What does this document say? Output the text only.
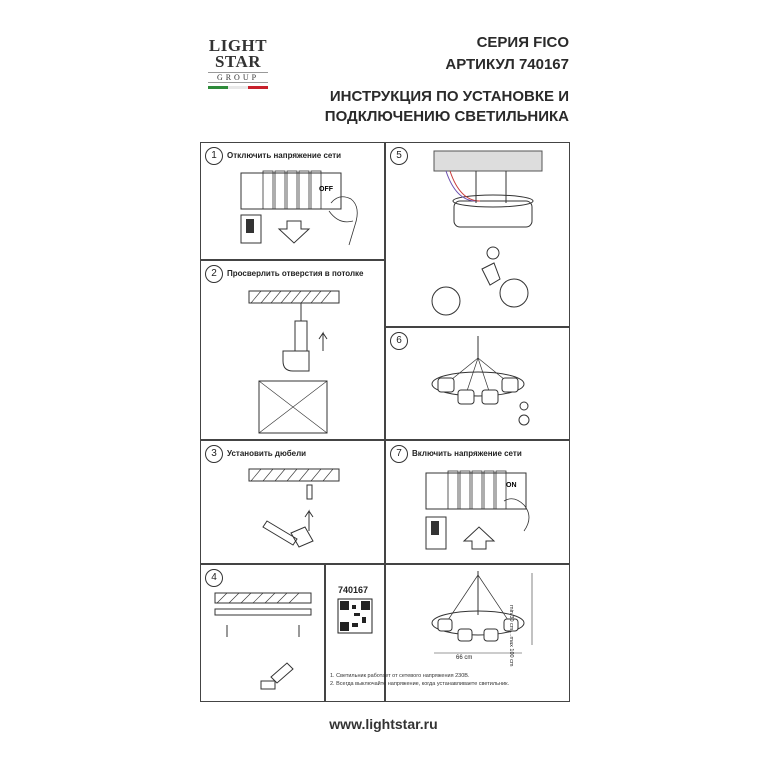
LIGHT
STAR
GROUP
СЕРИЯ FICO
АРТИКУЛ 740167
ИНСТРУКЦИЯ ПО УСТАНОВКЕ И
ПОДКЛЮЧЕНИЮ СВЕТИЛЬНИКА
1	Отключить напряжение сети
OFF
5
2	Просверлить отверстия в потолке
6
3	Установить дюбели	7	Включить напряжение сети
ON
4
740167
66 cm	min 30 cm....max 100 cm
1. Светильник работает от сетевого напряжения 230В.
2. Всегда выключайте напряжение, когда устанавливаете светильник.
www.lightstar.ru
